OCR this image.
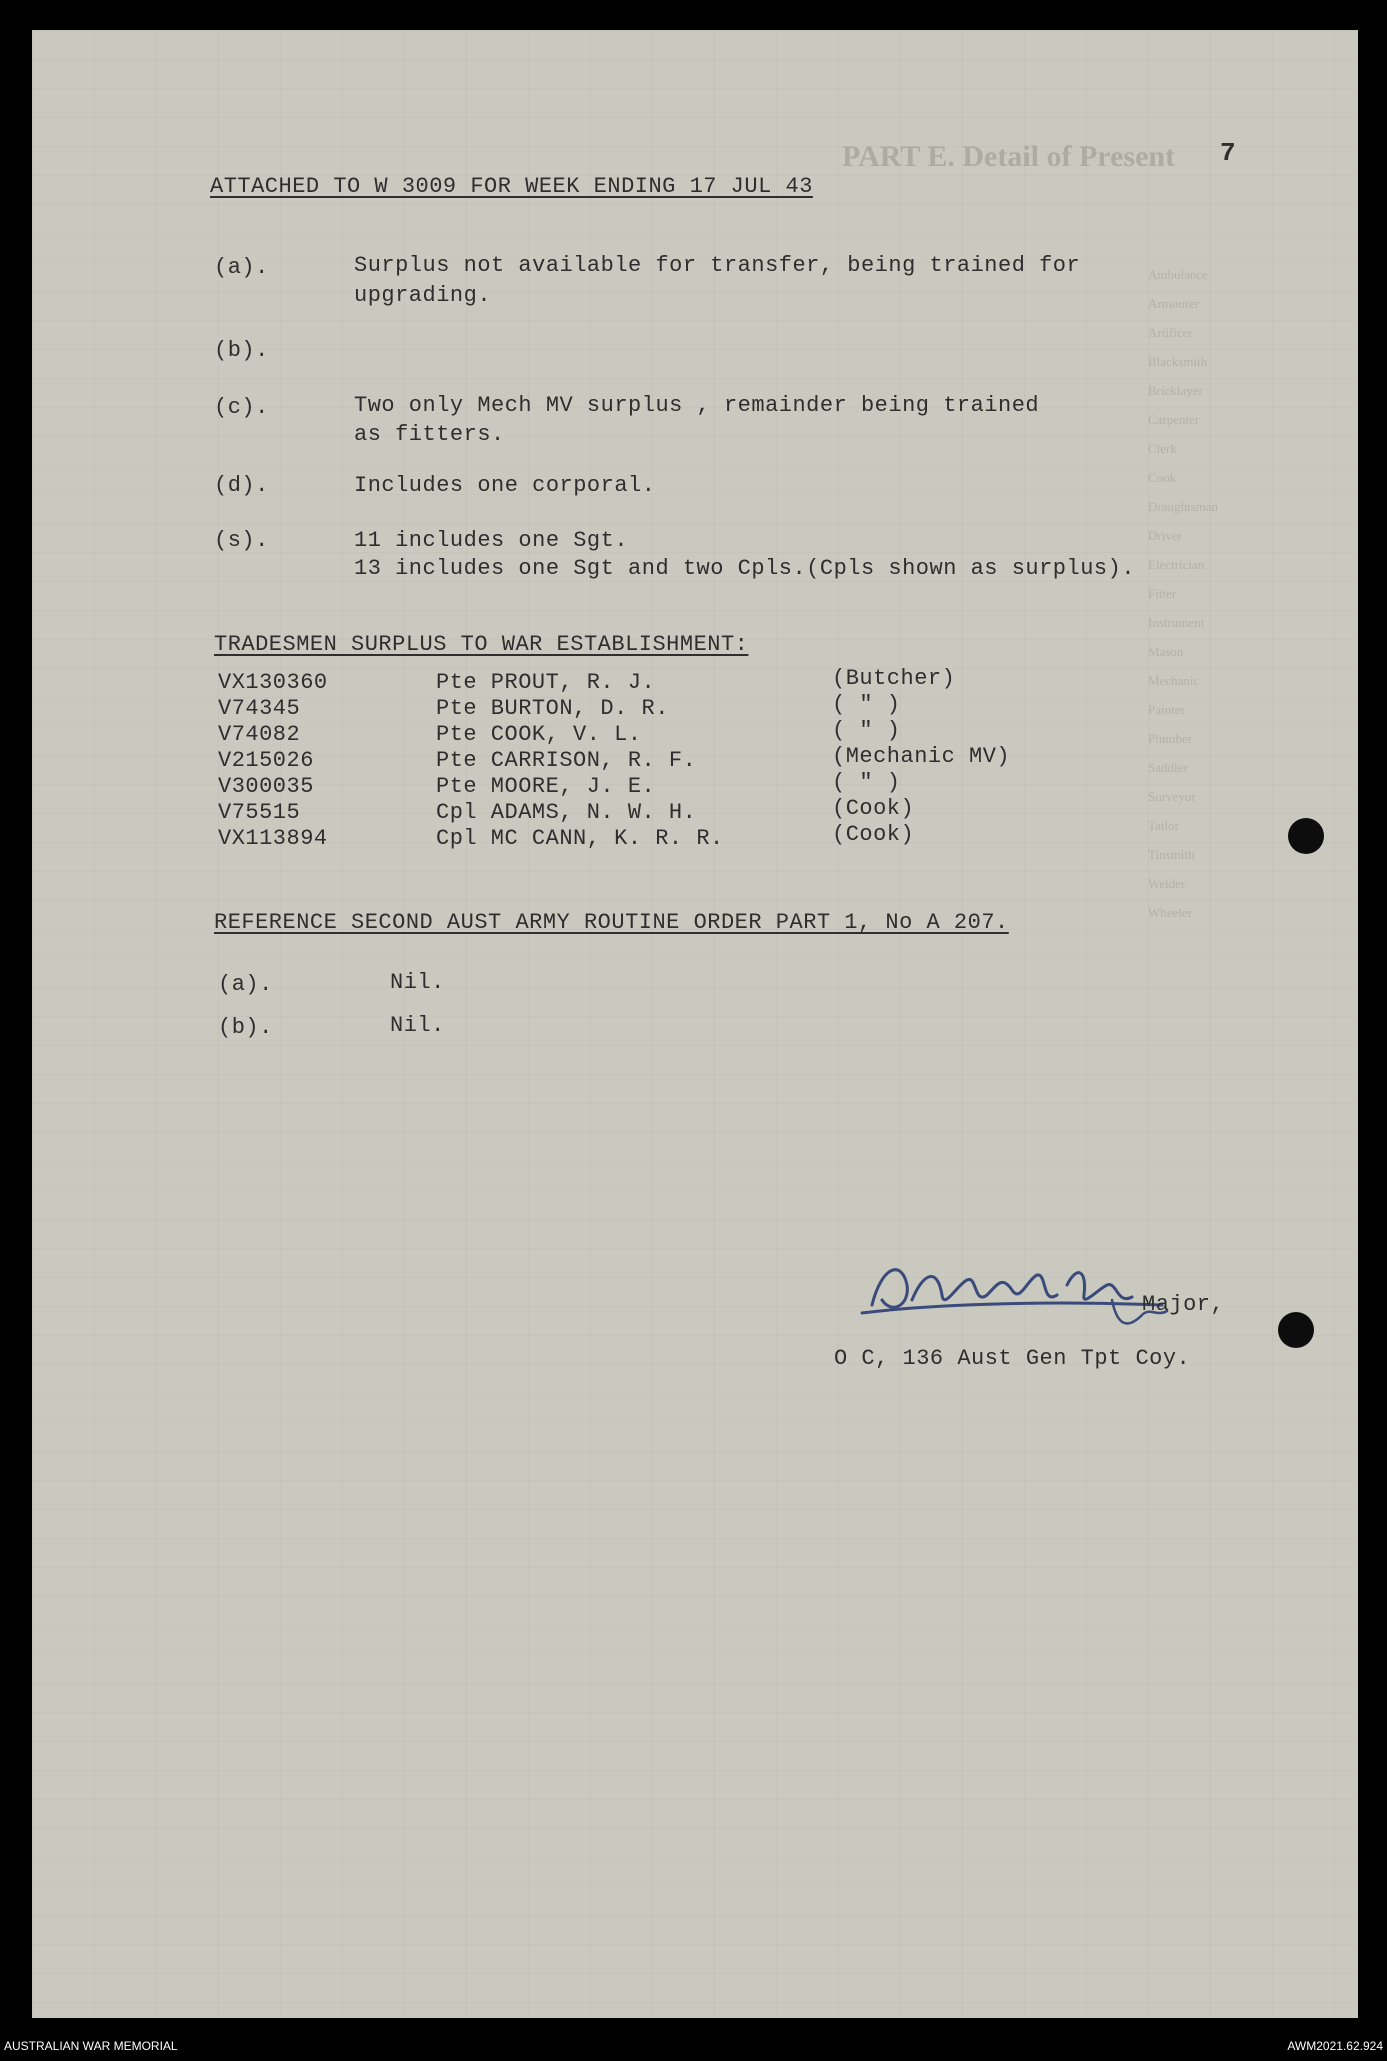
PART E. Detail of Present
Ambulance
Armourer
Artificer
Blacksmith
Bricklayer
Carpenter
Clerk
Cook
Draughtsman
Driver
Electrician
Fitter
Instrument
Mason
Mechanic
Painter
Plumber
Saddler
Surveyor
Tailor
Tinsmith
Welder
Wheeler
7
ATTACHED TO W 3009 FOR WEEK ENDING 17 JUL 43
(a).	Surplus not available for transfer, being trained for
upgrading.
(b).
(c).	Two only Mech MV surplus , remainder being trained
as fitters.
(d).	Includes one corporal.
(s).	11 includes one Sgt.
13 includes one Sgt and two Cpls.(Cpls shown as surplus).
TRADESMEN SURPLUS TO WAR ESTABLISHMENT:
VX130360	Pte PROUT, R. J.	(Butcher)
V74345	Pte BURTON, D. R.	( " )
V74082	Pte COOK, V. L.	( " )
V215026	Pte CARRISON, R. F.	(Mechanic MV)
V300035	Pte MOORE, J. E.	( " )
V75515	Cpl ADAMS, N. W. H.	(Cook)
VX113894	Cpl MC CANN, K. R. R.	(Cook)
REFERENCE SECOND AUST ARMY ROUTINE ORDER PART 1, No A 207.
(a).	Nil.
(b).	Nil.
Major,
O C, 136 Aust Gen Tpt Coy.
AUSTRALIAN WAR MEMORIAL	AWM2021.62.924
